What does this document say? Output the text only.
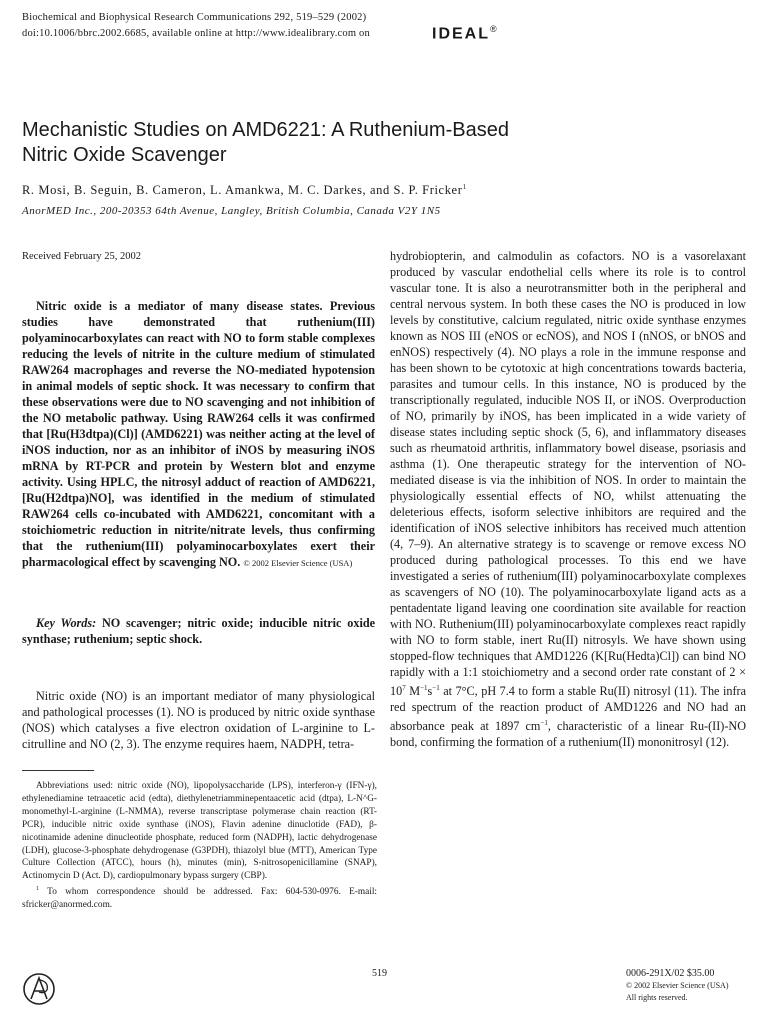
Biochemical and Biophysical Research Communications 292, 519–529 (2002)
doi:10.1006/bbrc.2002.6685, available online at http://www.idealibrary.com on	IDEAL®
Mechanistic Studies on AMD6221: A Ruthenium-Based
Nitric Oxide Scavenger
R. Mosi, B. Seguin, B. Cameron, L. Amankwa, M. C. Darkes, and S. P. Fricker$^1$
AnorMED Inc., 200-20353 64th Avenue, Langley, British Columbia, Canada V2Y 1N5
Received February 25, 2002

Nitric oxide is a mediator of many disease states. Previous studies have demonstrated that ruthenium(III) polyaminocarboxylates can react with NO to form stable complexes reducing the levels of nitrite in the culture medium of stimulated RAW264 macrophages and reverse the NO-mediated hypotension in animal models of septic shock. It was necessary to confirm that these observations were due to NO scavenging and not inhibition of the NO metabolic pathway. Using RAW264 cells it was confirmed that [Ru(H3dtpa)(Cl)] (AMD6221) was neither acting at the level of iNOS induction, nor as an inhibitor of iNOS by measuring iNOS mRNA by RT-PCR and protein by Western blot and enzyme activity. Using HPLC, the nitrosyl adduct of reaction of AMD6221, [Ru(H2dtpa)NO], was identified in the medium of stimulated RAW264 cells co-incubated with AMD6221, concomitant with a stoichiometric reduction in nitrite/nitrate levels, thus confirming that the ruthenium(III) polyaminocarboxylates exert their pharmacological effect by scavenging NO. © 2002 Elsevier Science (USA)

Key Words: NO scavenger; nitric oxide; inducible nitric oxide synthase; ruthenium; septic shock.

Nitric oxide (NO) is an important mediator of many physiological and pathological processes (1). NO is produced by nitric oxide synthase (NOS) which catalyses a five electron oxidation of L-arginine to L-citrulline and NO (2, 3). The enzyme requires haem, NADPH, tetra-

Abbreviations used: nitric oxide (NO), lipopolysaccharide (LPS), interferon-γ (IFN-γ), ethylenediamine tetraacetic acid (edta), diethylenetriamminepentaacetic acid (dtpa), L-N^G-monomethyl-L-arginine (L-NMMA), reverse transcriptase polymerase chain reaction (RT-PCR), inducible nitric oxide synthase (iNOS), Flavin adenine dinuclotide (FAD), β-nicotinamide adenine dinucleotide phosphate, reduced form (NADPH), lactic dehydrogenase (LDH), glucose-3-phosphate dehydrogenase (G3PDH), thiazolyl blue (MTT), American Type Culture Collection (ATCC), hours (h), minutes (min), S-nitrosopenicillamine (SNAP), Actinomycin D (Act. D), cardiopulmonary bypass surgery (CBP).

$^1$ To whom correspondence should be addressed. Fax: 604-530-0976. E-mail: sfricker@anormed.com.

hydrobiopterin, and calmodulin as cofactors. NO is a vasorelaxant produced by vascular endothelial cells where its role is to control vascular tone. It is also a neurotransmitter both in the peripheral and central nervous system. In both these cases the NO is produced in low levels by constitutive, calcium regulated, nitric oxide synthase enzymes known as NOS III (eNOS or ecNOS), and NOS I (nNOS, or bNOS and enNOS) respectively (4). NO plays a role in the immune response and has been shown to be cytotoxic at high concentrations towards bacteria, parasites and tumour cells. In this instance, NO is produced by the transcriptionally regulated, inducible NOS II, or iNOS. Overproduction of NO, primarily by iNOS, has been implicated in a wide variety of disease states including septic shock (5, 6), and inflammatory diseases such as rheumatoid arthritis, inflammatory bowel disease, psoriasis and asthma (1). One therapeutic strategy for the intervention of NO-mediated disease is via the inhibition of NOS. In order to maintain the physiologically essential effects of NO, whilst attenuating the deleterious effects, isoform selective inhibitors are required and the identification of iNOS selective inhibitors has received much attention (4, 7–9). An alternative strategy is to scavenge or remove excess NO produced during pathological processes. To this end we have investigated a series of ruthenium(III) polyaminocarboxylate complexes as scavengers of NO (10). The polyaminocarboxylate ligand acts as a pentadentate ligand leaving one coordination site available for reaction with NO. Ruthenium(III) polyaminocarboxylate complexes react rapidly with NO to form stable, inert Ru(II) nitrosyls. We have shown using stopped-flow techniques that AMD1226 (K[Ru(Hedta)Cl]) can bind NO rapidly with a 1:1 stoichiometry and a second order rate constant of $2 \times 10^7$ $M^{-1}s^{-1}$ at 7°C, pH 7.4 to form a stable Ru(II) nitrosyl (11). The infra red spectrum of the reaction product of AMD1226 and NO had an absorbance peak at 1897 $cm^{-1}$, characteristic of a linear Ru-(II)-NO bond, confirming the formation of a ruthenium(II) mononitrosyl (12).

519	0006-291X/02 $35.00
© 2002 Elsevier Science (USA)
All rights reserved.
